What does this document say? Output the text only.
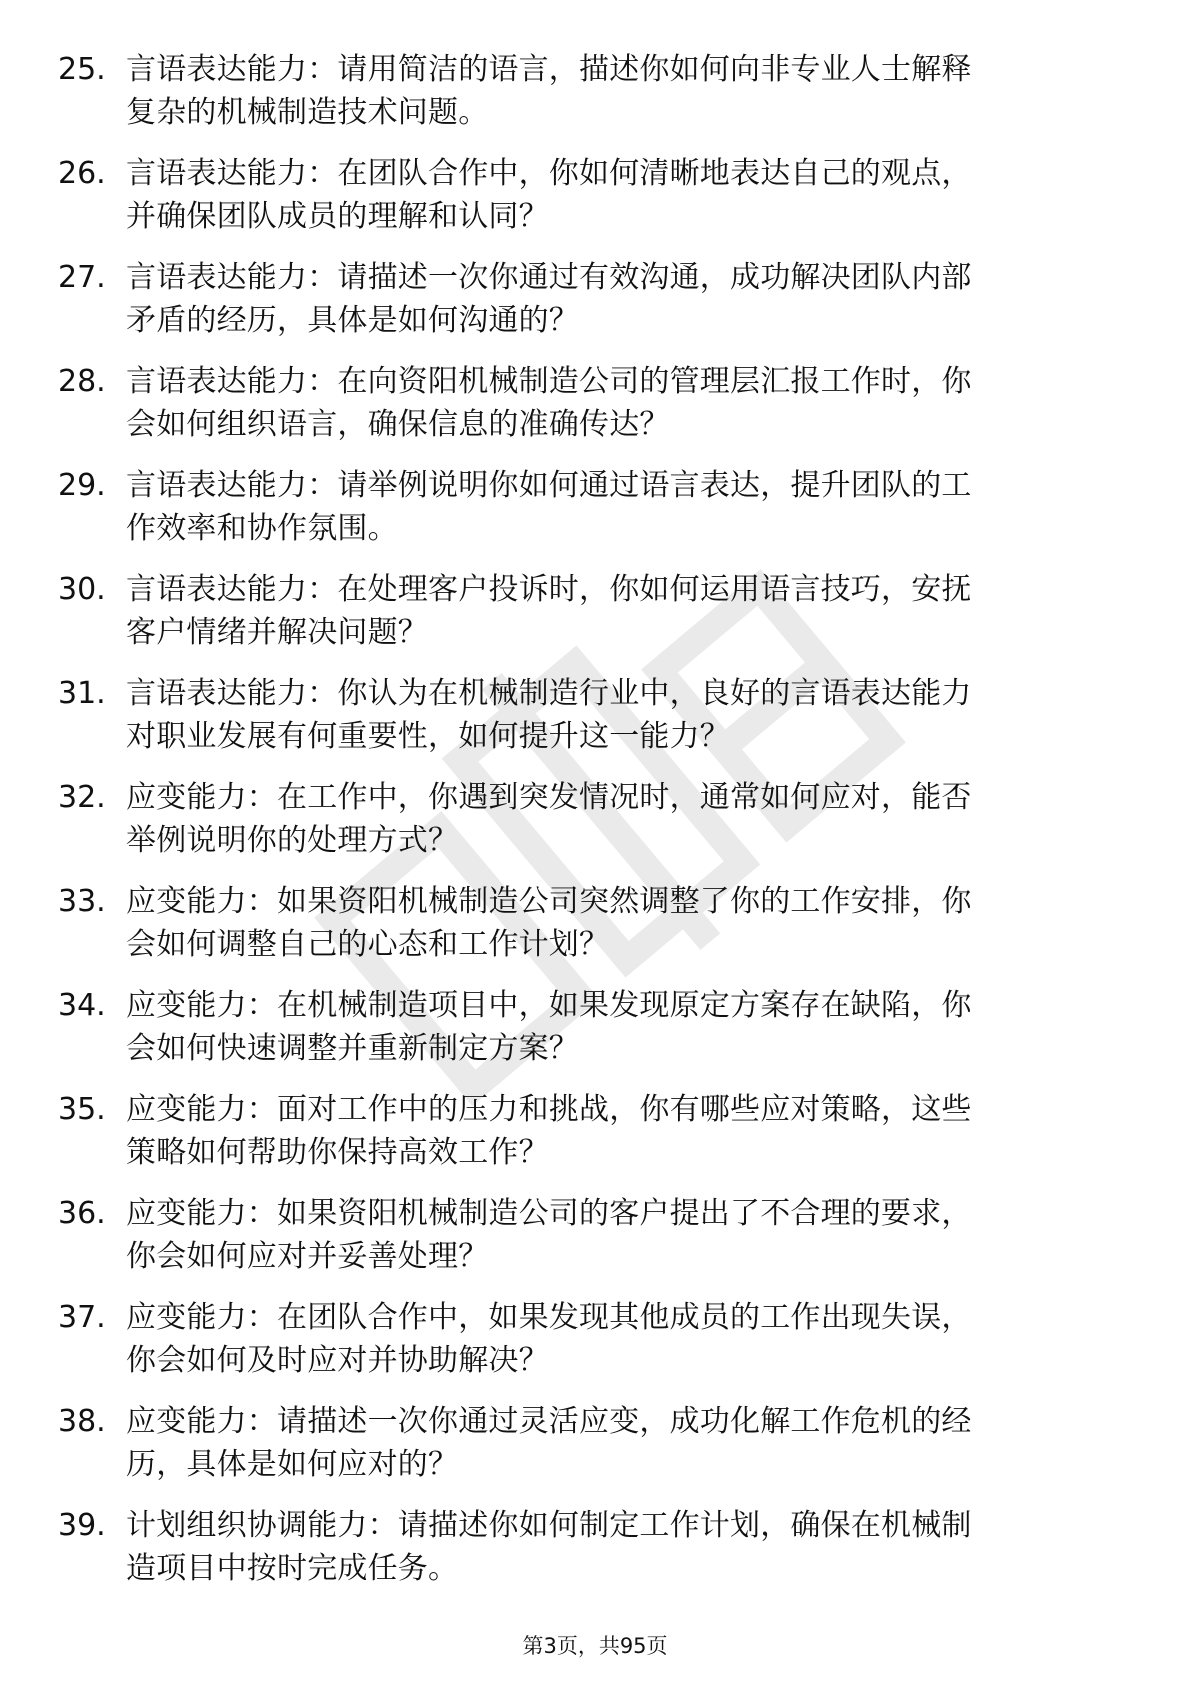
25. 言语表达能力：请用简洁的语言，描述你如何向非专业人士解释
复杂的机械制造技术问题。
26. 言语表达能力：在团队合作中，你如何清晰地表达自己的观点，
并确保团队成员的理解和认同？
27. 言语表达能力：请描述一次你通过有效沟通，成功解决团队内部
矛盾的经历，具体是如何沟通的？
28. 言语表达能力：在向资阳机械制造公司的管理层汇报工作时，你
会如何组织语言，确保信息的准确传达？
29. 言语表达能力：请举例说明你如何通过语言表达，提升团队的工
作效率和协作氛围。
30. 言语表达能力：在处理客户投诉时，你如何运用语言技巧，安抚
客户情绪并解决问题？
31. 言语表达能力：你认为在机械制造行业中，良好的言语表达能力
对职业发展有何重要性，如何提升这一能力？
32. 应变能力：在工作中，你遇到突发情况时，通常如何应对，能否
举例说明你的处理方式？
33. 应变能力：如果资阳机械制造公司突然调整了你的工作安排，你
会如何调整自己的心态和工作计划？
34. 应变能力：在机械制造项目中，如果发现原定方案存在缺陷，你
会如何快速调整并重新制定方案？
35. 应变能力：面对工作中的压力和挑战，你有哪些应对策略，这些
策略如何帮助你保持高效工作？
36. 应变能力：如果资阳机械制造公司的客户提出了不合理的要求，
你会如何应对并妥善处理？
37. 应变能力：在团队合作中，如果发现其他成员的工作出现失误，
你会如何及时应对并协助解决？
38. 应变能力：请描述一次你通过灵活应变，成功化解工作危机的经
历，具体是如何应对的？
39. 计划组织协调能力：请描述你如何制定工作计划，确保在机械制
造项目中按时完成任务。
第3页，共95页
